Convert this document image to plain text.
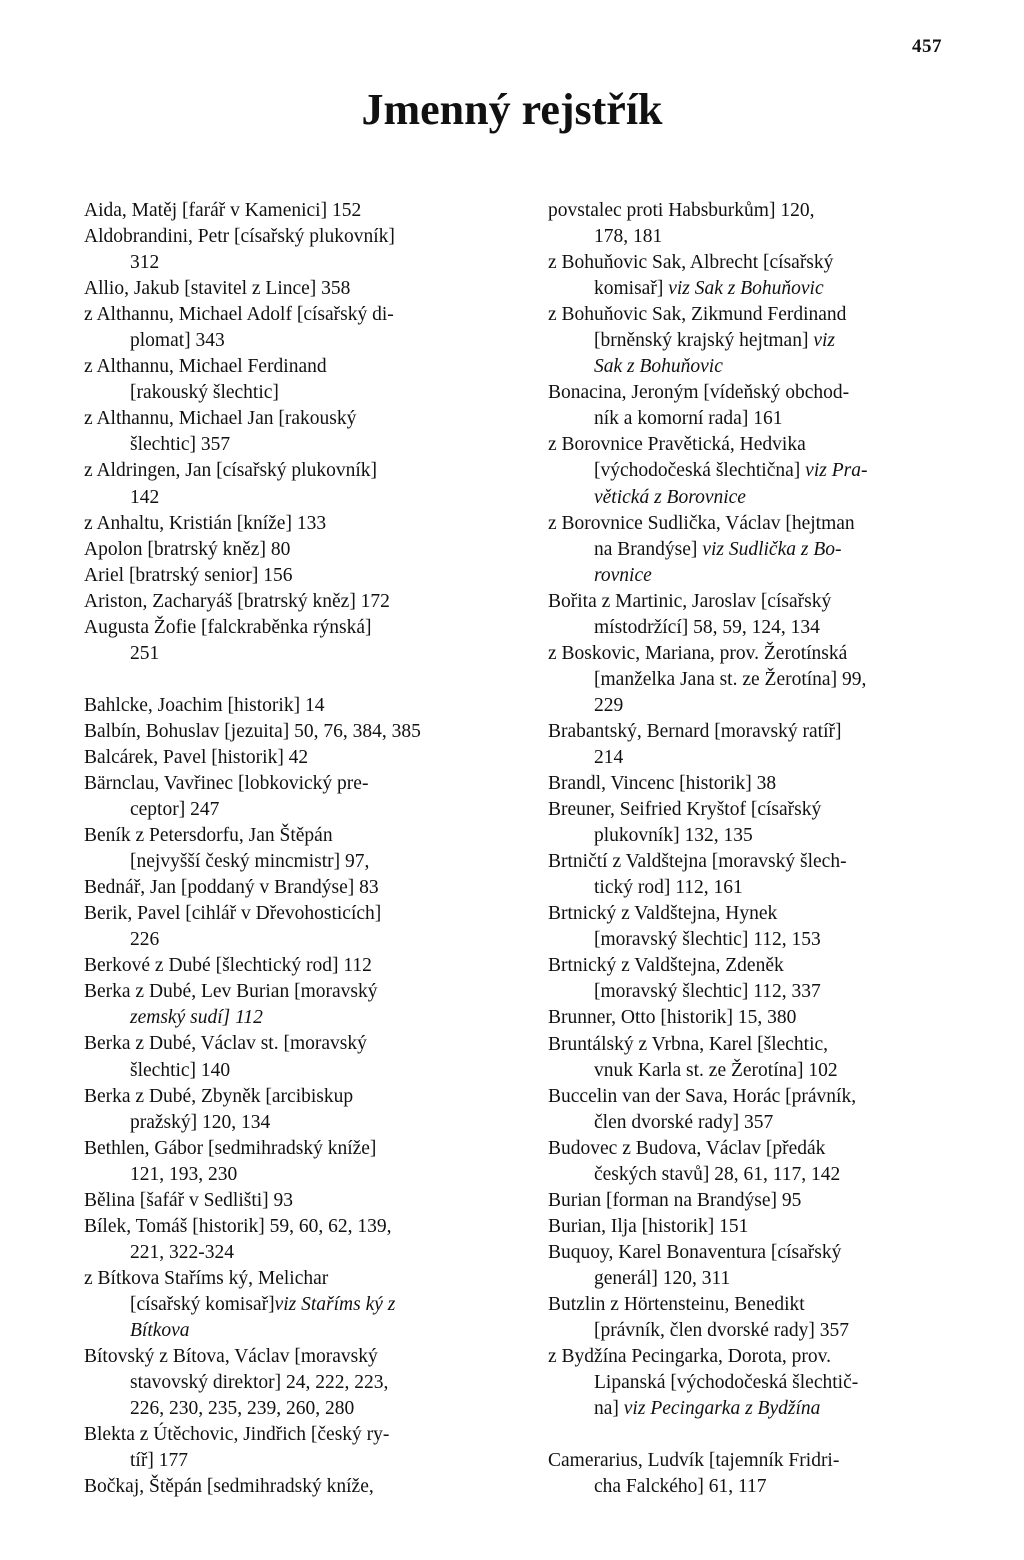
457
Jmenný rejstřík
Aida, Matěj [farář v Kamenici] 152
Aldobrandini, Petr [císařský plukovník]
312
Allio, Jakub [stavitel z Lince] 358
z Althannu, Michael Adolf [císařský di-
plomat] 343
z Althannu, Michael Ferdinand
[rakouský šlechtic]
z Althannu, Michael Jan [rakouský
šlechtic] 357
z Aldringen, Jan [císařský plukovník]
142
z Anhaltu, Kristián [kníže] 133
Apolon [bratrský kněz] 80
Ariel [bratrský senior] 156
Ariston, Zacharyáš [bratrský kněz] 172
Augusta Žofie [falckraběnka rýnská]
251
Bahlcke, Joachim [historik] 14
Balbín, Bohuslav [jezuita] 50, 76, 384, 385
Balcárek, Pavel [historik] 42
Bärnclau, Vavřinec [lobkovický pre-
ceptor] 247
Beník z Petersdorfu, Jan Štěpán
[nejvyšší český mincmistr] 97,
Bednář, Jan [poddaný v Brandýse] 83
Berik, Pavel [cihlář v Dřevohosticích]
226
Berkové z Dubé [šlechtický rod] 112
Berka z Dubé, Lev Burian [moravský
zemský sudí] 112
Berka z Dubé, Václav st. [moravský
šlechtic] 140
Berka z Dubé, Zbyněk [arcibiskup
pražský] 120, 134
Bethlen, Gábor [sedmihradský kníže]
121, 193, 230
Bělina [šafář v Sedlišti] 93
Bílek, Tomáš [historik] 59, 60, 62, 139,
221, 322-324
z Bítkova Staříms ký, Melichar
[císařský komisař]viz Staříms ký z
Bítkova
Bítovský z Bítova, Václav [moravský
stavovský direktor] 24, 222, 223,
226, 230, 235, 239, 260, 280
Blekta z Útěchovic, Jindřich [český ry-
tíř] 177
Bočkaj, Štěpán [sedmihradský kníže,
povstalec proti Habsburkům] 120,
178, 181
z Bohuňovic Sak, Albrecht [císařský
komisař] viz Sak z Bohuňovic
z Bohuňovic Sak, Zikmund Ferdinand
[brněnský krajský hejtman] viz
Sak z Bohuňovic
Bonacina, Jeroným [vídeňský obchod-
ník a komorní rada] 161
z Borovnice Pravětická, Hedvika
[východočeská šlechtična] viz Pra-
větická z Borovnice
z Borovnice Sudlička, Václav [hejtman
na Brandýse] viz Sudlička z Bo-
rovnice
Bořita z Martinic, Jaroslav [císařský
místodržící] 58, 59, 124, 134
z Boskovic, Mariana, prov. Žerotínská
[manželka Jana st. ze Žerotína] 99,
229
Brabantský, Bernard [moravský ratíř]
214
Brandl, Vincenc [historik] 38
Breuner, Seifried Kryštof [císařský
plukovník] 132, 135
Brtničtí z Valdštejna [moravský šlech-
tický rod] 112, 161
Brtnický z Valdštejna, Hynek
[moravský šlechtic] 112, 153
Brtnický z Valdštejna, Zdeněk
[moravský šlechtic] 112, 337
Brunner, Otto [historik] 15, 380
Bruntálský z Vrbna, Karel [šlechtic,
vnuk Karla st. ze Žerotína] 102
Buccelin van der Sava, Horác [právník,
člen dvorské rady] 357
Budovec z Budova, Václav [předák
českých stavů] 28, 61, 117, 142
Burian [forman na Brandýse] 95
Burian, Ilja [historik] 151
Buquoy, Karel Bonaventura [císařský
generál] 120, 311
Butzlin z Hörtensteinu, Benedikt
[právník, člen dvorské rady] 357
z Bydžína Pecingarka, Dorota, prov.
Lipanská [východočeská šlechtič-
na] viz Pecingarka z Bydžína
Camerarius, Ludvík [tajemník Fridri-
cha Falckého] 61, 117
